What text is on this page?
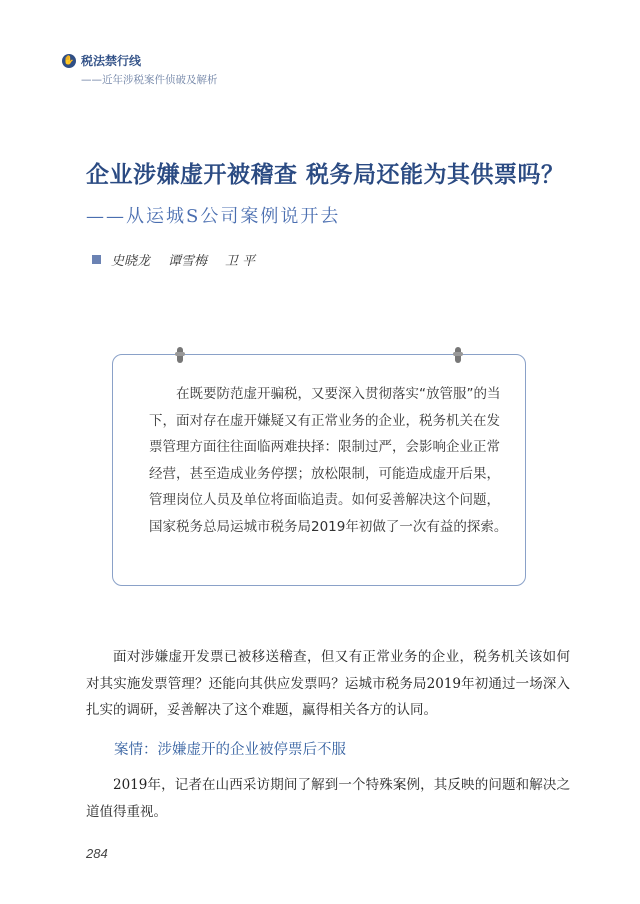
✋ 税法禁行线
——近年涉税案件侦破及解析
企业涉嫌虚开被稽查 税务局还能为其供票吗？
——从运城S公司案例说开去
史晓龙 谭雪梅 卫 平

在既要防范虚开骗税，又要深入贯彻落实“放管服”的当下，面对存在虚开嫌疑又有正常业务的企业，税务机关在发票管理方面往往面临两难抉择：限制过严，会影响企业正常经营，甚至造成业务停摆；放松限制，可能造成虚开后果，管理岗位人员及单位将面临追责。如何妥善解决这个问题，国家税务总局运城市税务局2019年初做了一次有益的探索。

面对涉嫌虚开发票已被移送稽查，但又有正常业务的企业，税务机关该如何对其实施发票管理？还能向其供应发票吗？运城市税务局2019年初通过一场深入扎实的调研，妥善解决了这个难题，赢得相关各方的认同。

案情：涉嫌虚开的企业被停票后不服

2019年，记者在山西采访期间了解到一个特殊案例，其反映的问题和解决之道值得重视。

284
